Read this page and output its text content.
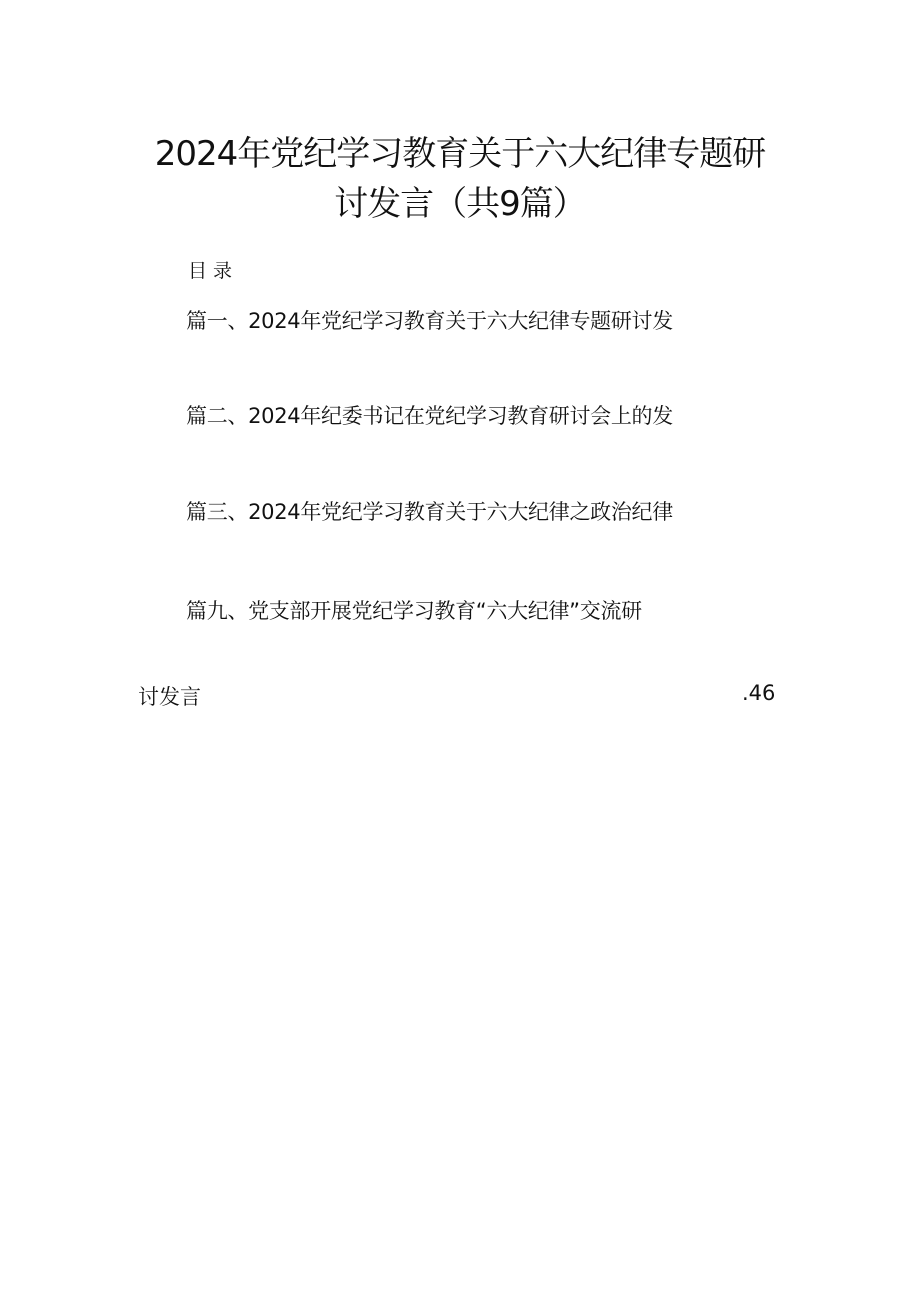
2024年党纪学习教育关于六大纪律专题研
讨发言（共9篇）
目录
篇一、2024年党纪学习教育关于六大纪律专题研讨发
篇二、2024年纪委书记在党纪学习教育研讨会上的发
篇三、2024年党纪学习教育关于六大纪律之政治纪律
篇九、党支部开展党纪学习教育“六大纪律”交流研
讨发言	.46
